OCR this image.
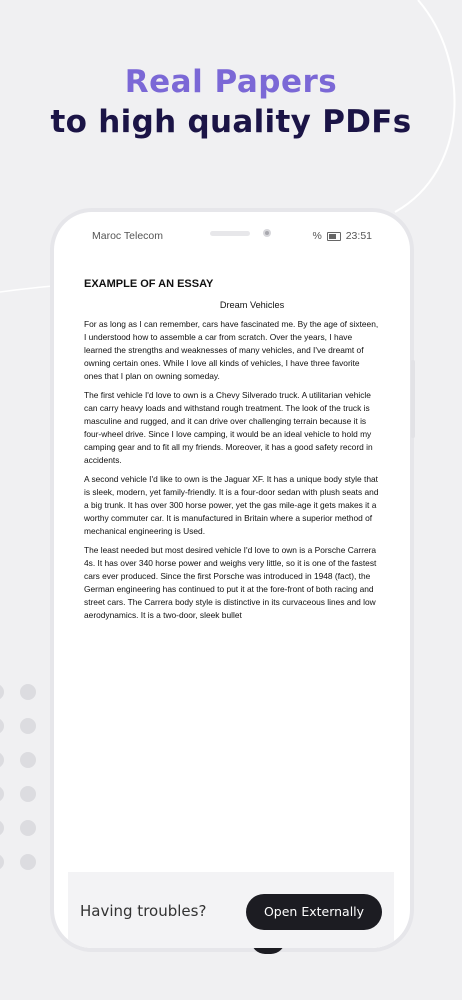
Real Papers
to high quality PDFs
Maroc Telecom	% 23:51
EXAMPLE OF AN ESSAY
Dream Vehicles

For as long as I can remember, cars have fascinated me. By the age of sixteen, I understood how to assemble a car from scratch. Over the years, I have learned the strengths and weaknesses of many vehicles, and I've dreamt of owning certain ones. While I love all kinds of vehicles, I have three favorite ones that I plan on owning someday.

The first vehicle I'd love to own is a Chevy Silverado truck. A utilitarian vehicle can carry heavy loads and withstand rough treatment. The look of the truck is masculine and rugged, and it can drive over challenging terrain because it is four-wheel drive. Since I love camping, it would be an ideal vehicle to hold my camping gear and to fit all my friends. Moreover, it has a good safety record in accidents.

A second vehicle I'd like to own is the Jaguar XF. It has a unique body style that is sleek, modern, yet family-friendly. It is a four-door sedan with plush seats and a big trunk. It has over 300 horse power, yet the gas mile-age it gets makes it a worthy commuter car. It is manufactured in Britain where a superior method of mechanical engineering is Used.

The least needed but most desired vehicle I'd love to own is a Porsche Carrera 4s. It has over 340 horse power and weighs very little, so it is one of the fastest cars ever produced. Since the first Porsche was introduced in 1948 (fact), the German engineering has continued to put it at the fore-front of both racing and street cars. The Carrera body style is distinctive in its curvaceous lines and low aerodynamics. It is a two-door, sleek bullet

Having troubles?	Open Externally
